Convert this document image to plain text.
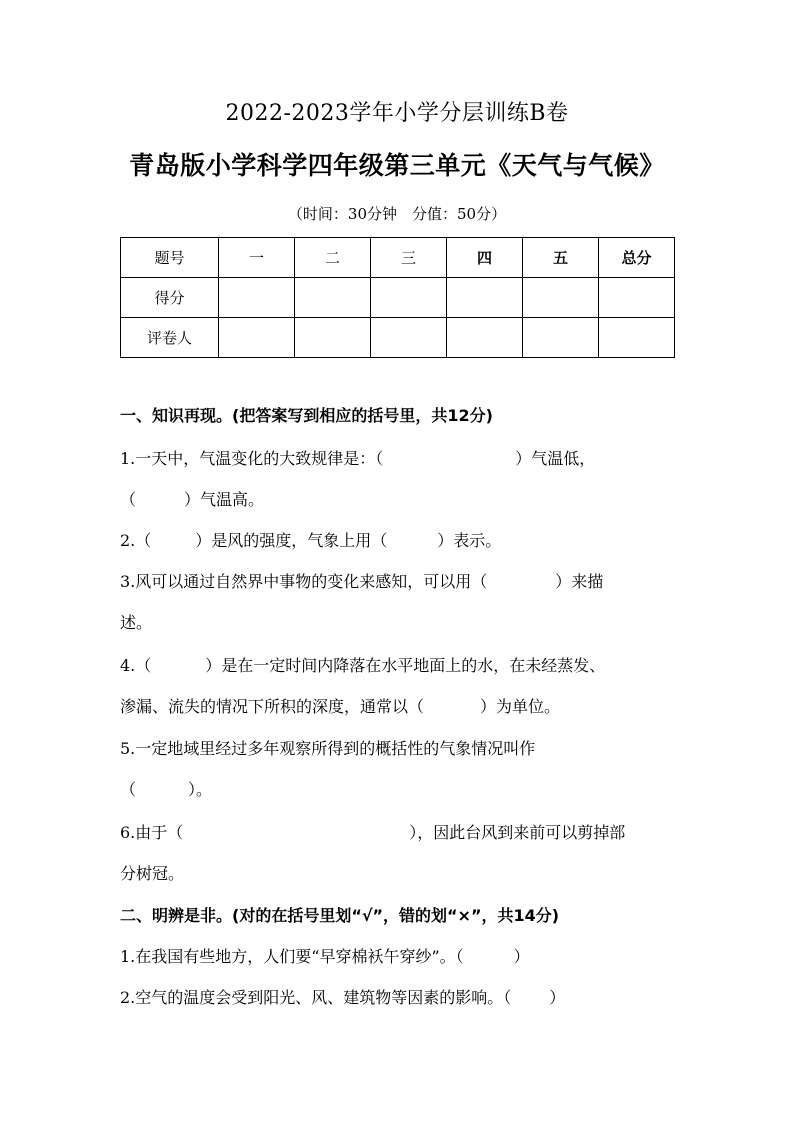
2022-2023学年小学分层训练B卷
青岛版小学科学四年级第三单元《天气与气候》
（时间：30分钟　分值：50分）
题号	一	二	三	四	五	总分
得分						
评卷人						
一、知识再现。(把答案写到相应的括号里，共12分)
1.一天中，气温变化的大致规律是：（	）气温低，
（	）气温高。
2.（	）是风的强度，气象上用（	）表示。
3.风可以通过自然界中事物的变化来感知，可以用（	）来描
述。
4.（	）是在一定时间内降落在水平地面上的水，在未经蒸发、
渗漏、流失的情况下所积的深度，通常以（	）为单位。
5.一定地域里经过多年观察所得到的概括性的气象情况叫作
（	）。
6.由于（	），因此台风到来前可以剪掉部
分树冠。
二、明辨是非。(对的在括号里划“√”，错的划“×”，共14分)
1.在我国有些地方，人们要“早穿棉袄午穿纱”。（	）
2.空气的温度会受到阳光、风、建筑物等因素的影响。（ ）
